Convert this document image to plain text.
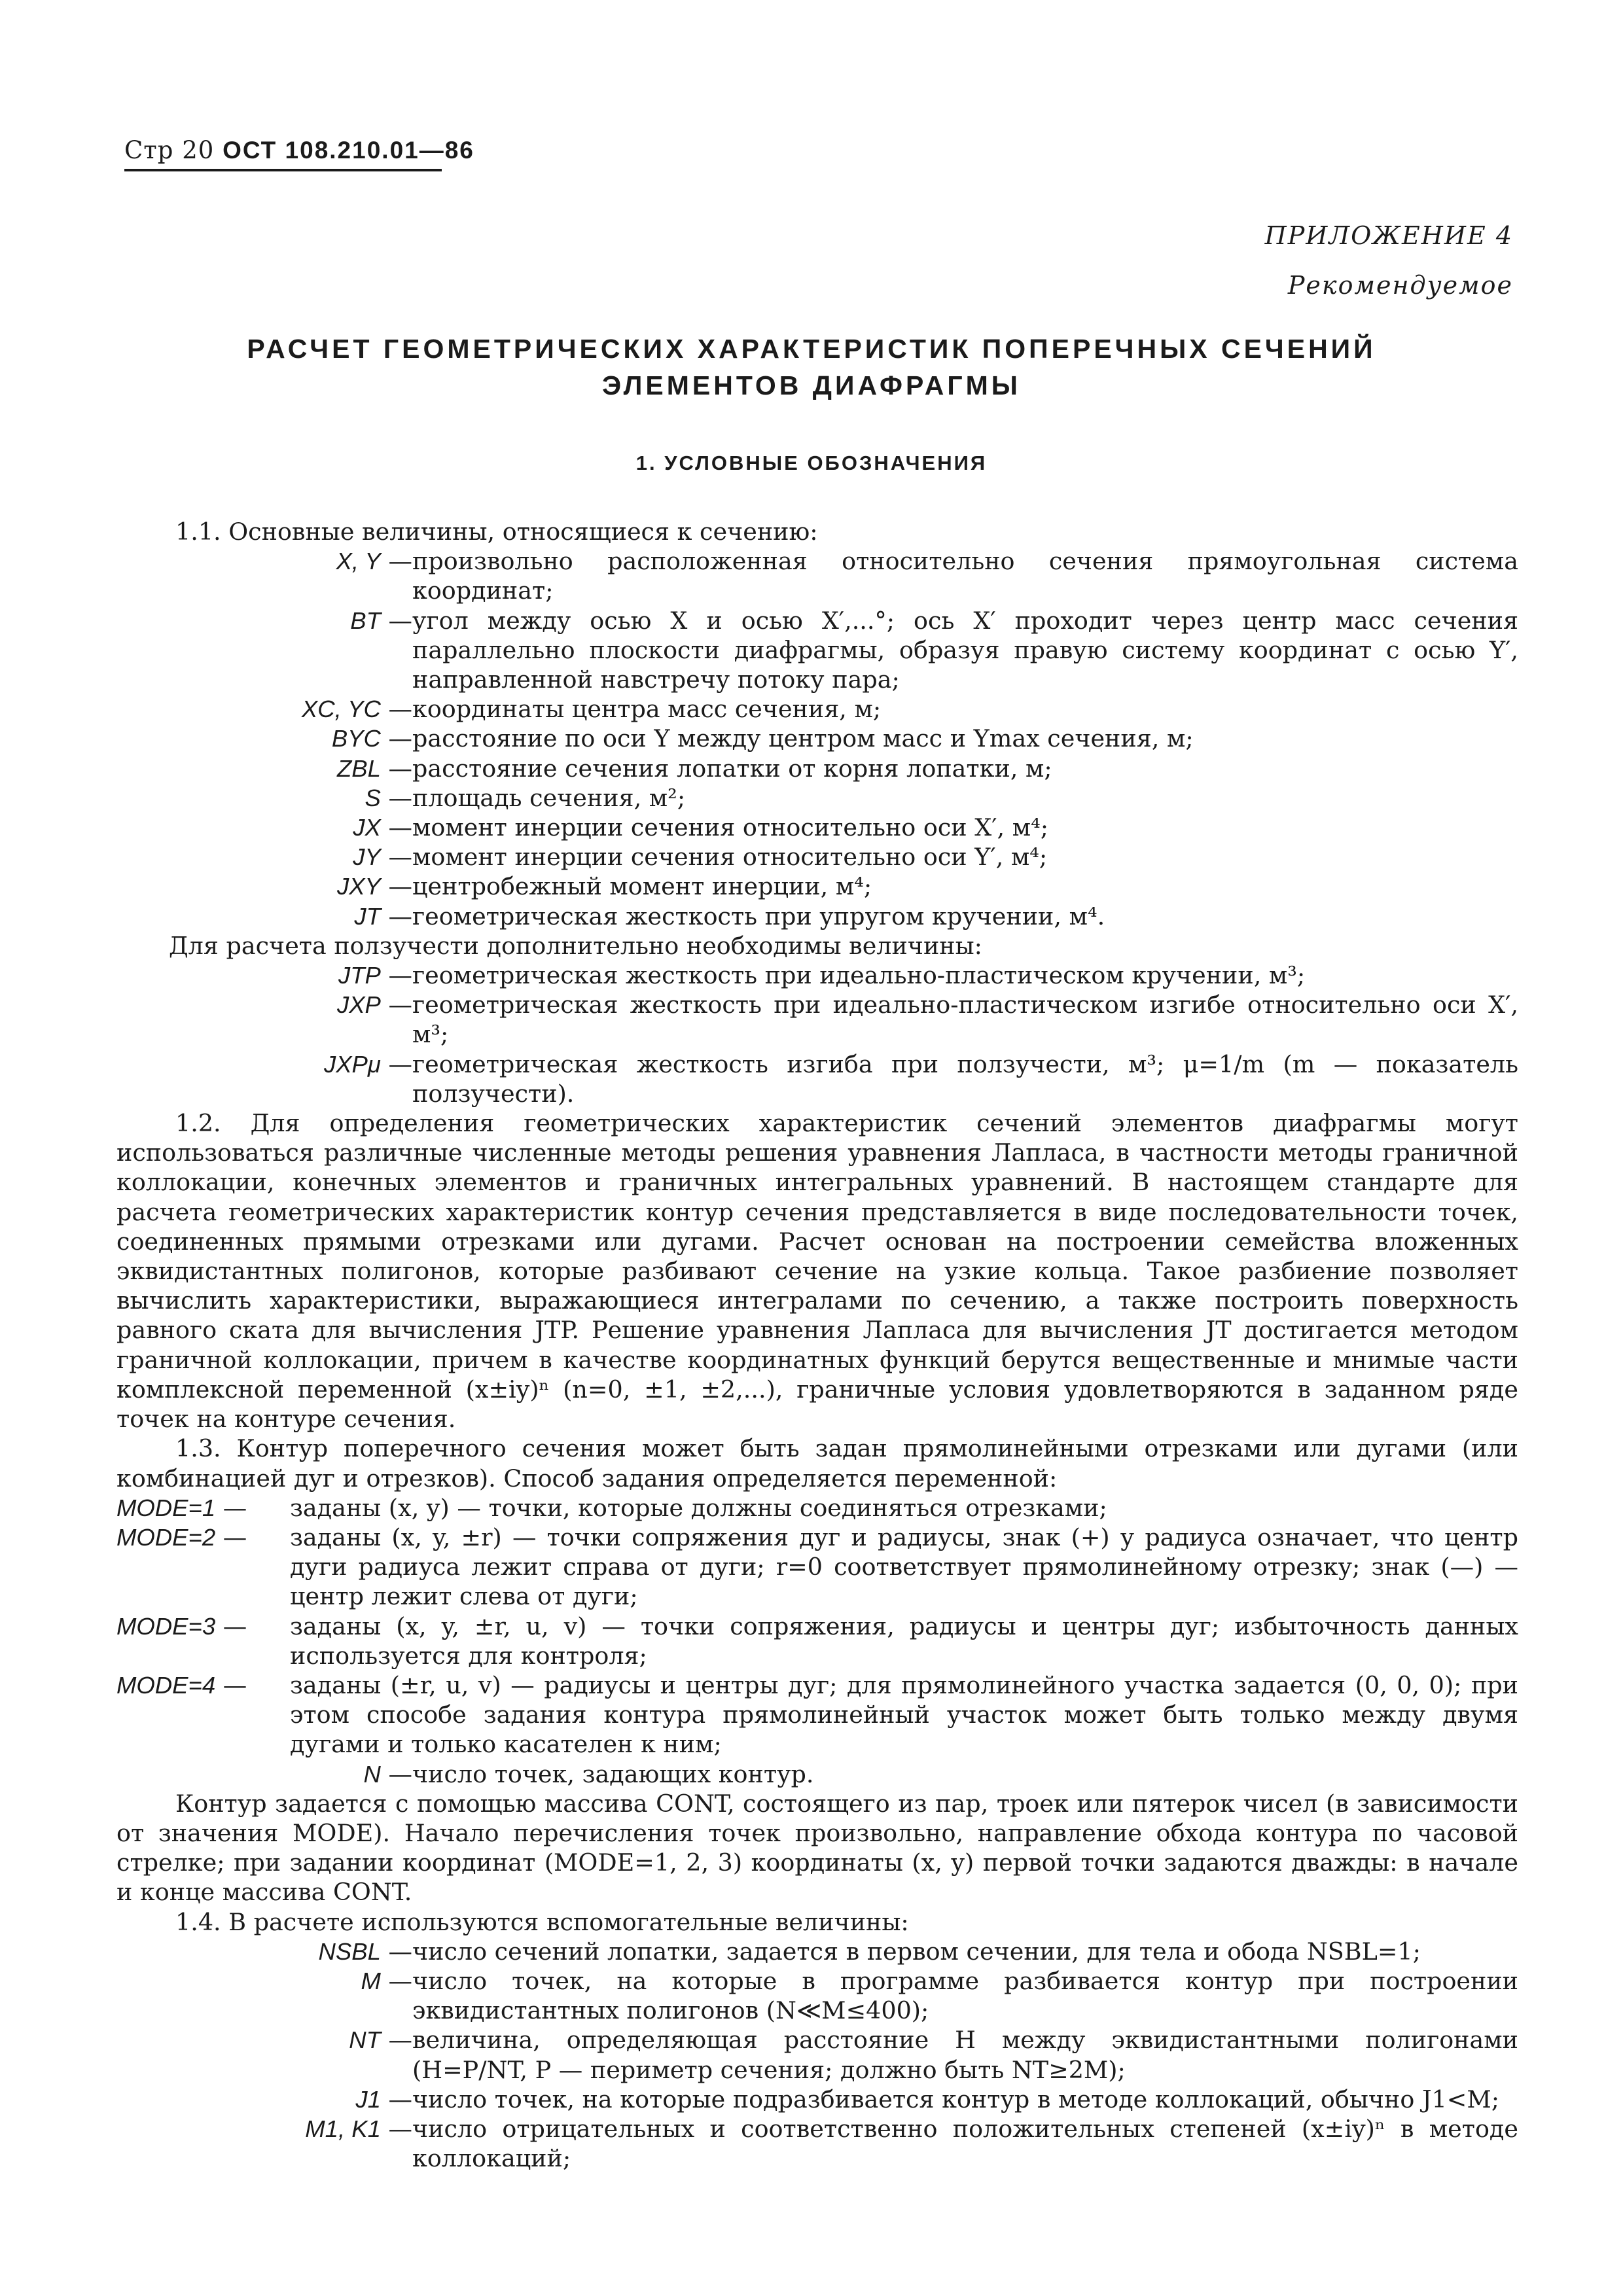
Стр 20 ОСТ 108.210.01—86
ПРИЛОЖЕНИЕ 4
Рекомендуемое
РАСЧЕТ ГЕОМЕТРИЧЕСКИХ ХАРАКТЕРИСТИК ПОПЕРЕЧНЫХ СЕЧЕНИЙ
ЭЛЕМЕНТОВ ДИАФРАГМЫ
1. УСЛОВНЫЕ ОБОЗНАЧЕНИЯ

1.1. Основные величины, относящиеся к сечению:

X, Y — произвольно расположенная относительно сечения прямоугольная система координат;
BT — угол между осью X и осью X′,...°; ось X′ проходит через центр масс сечения параллельно плоскости диафрагмы, образуя правую систему координат с осью Y′, направленной навстречу потоку пара;
XC, YC — координаты центра масс сечения, м;
BYC — расстояние по оси Y между центром масс и Ymax сечения, м;
ZBL — расстояние сечения лопатки от корня лопатки, м;
S — площадь сечения, м²;
JX — момент инерции сечения относительно оси X′, м⁴;
JY — момент инерции сечения относительно оси Y′, м⁴;
JXY — центробежный момент инерции, м⁴;
JT — геометрическая жесткость при упругом кручении, м⁴.

Для расчета ползучести дополнительно необходимы величины:

JTP — геометрическая жесткость при идеально-пластическом кручении, м³;
JXP — геометрическая жесткость при идеально-пластическом изгибе относительно оси X′, м³;
JXPμ — геометрическая жесткость изгиба при ползучести, м³; μ=1/m (m — показатель ползучести).

1.2. Для определения геометрических характеристик сечений элементов диафрагмы могут использоваться различные численные методы решения уравнения Лапласа, в частности методы граничной коллокации, конечных элементов и граничных интегральных уравнений. В настоящем стандарте для расчета геометрических характеристик контур сечения представляется в виде последовательности точек, соединенных прямыми отрезками или дугами. Расчет основан на построении семейства вложенных эквидистантных полигонов, которые разбивают сечение на узкие кольца. Такое разбиение позволяет вычислить характеристики, выражающиеся интегралами по сечению, а также построить поверхность равного ската для вычисления JTP. Решение уравнения Лапласа для вычисления JT достигается методом граничной коллокации, причем в качестве координатных функций берутся вещественные и мнимые части комплексной переменной (x±iy)ⁿ (n=0, ±1, ±2,...), граничные условия удовлетворяются в заданном ряде точек на контуре сечения.

1.3. Контур поперечного сечения может быть задан прямолинейными отрезками или дугами (или комбинацией дуг и отрезков). Способ задания определяется переменной:

MODE=1 —	заданы (x, y) — точки, которые должны соединяться отрезками;
MODE=2 —	заданы (x, y, ±r) — точки сопряжения дуг и радиусы, знак (+) у радиуса означает, что центр дуги радиуса лежит справа от дуги; r=0 соответствует прямолинейному отрезку; знак (—) — центр лежит слева от дуги;
MODE=3 —	заданы (x, y, ±r, u, v) — точки сопряжения, радиусы и центры дуг; избыточность данных используется для контроля;
MODE=4 —	заданы (±r, u, v) — радиусы и центры дуг; для прямолинейного участка задается (0, 0, 0); при этом способе задания контура прямолинейный участок может быть только между двумя дугами и только касателен к ним;
N — число точек, задающих контур.

Контур задается с помощью массива CONT, состоящего из пар, троек или пятерок чисел (в зависимости от значения MODE). Начало перечисления точек произвольно, направление обхода контура по часовой стрелке; при задании координат (MODE=1, 2, 3) координаты (x, y) первой точки задаются дважды: в начале и конце массива CONT.

1.4. В расчете используются вспомогательные величины:

NSBL — число сечений лопатки, задается в первом сечении, для тела и обода NSBL=1;
M — число точек, на которые в программе разбивается контур при построении эквидистантных полигонов (N≪M≤400);
NT — величина, определяющая расстояние H между эквидистантными полигонами (H=P/NT, P — периметр сечения; должно быть NT≥2M);
J1 — число точек, на которые подразбивается контур в методе коллокаций, обычно J1<M;
M1, K1 — число отрицательных и соответственно положительных степеней (x±iy)ⁿ в методе коллокаций;
